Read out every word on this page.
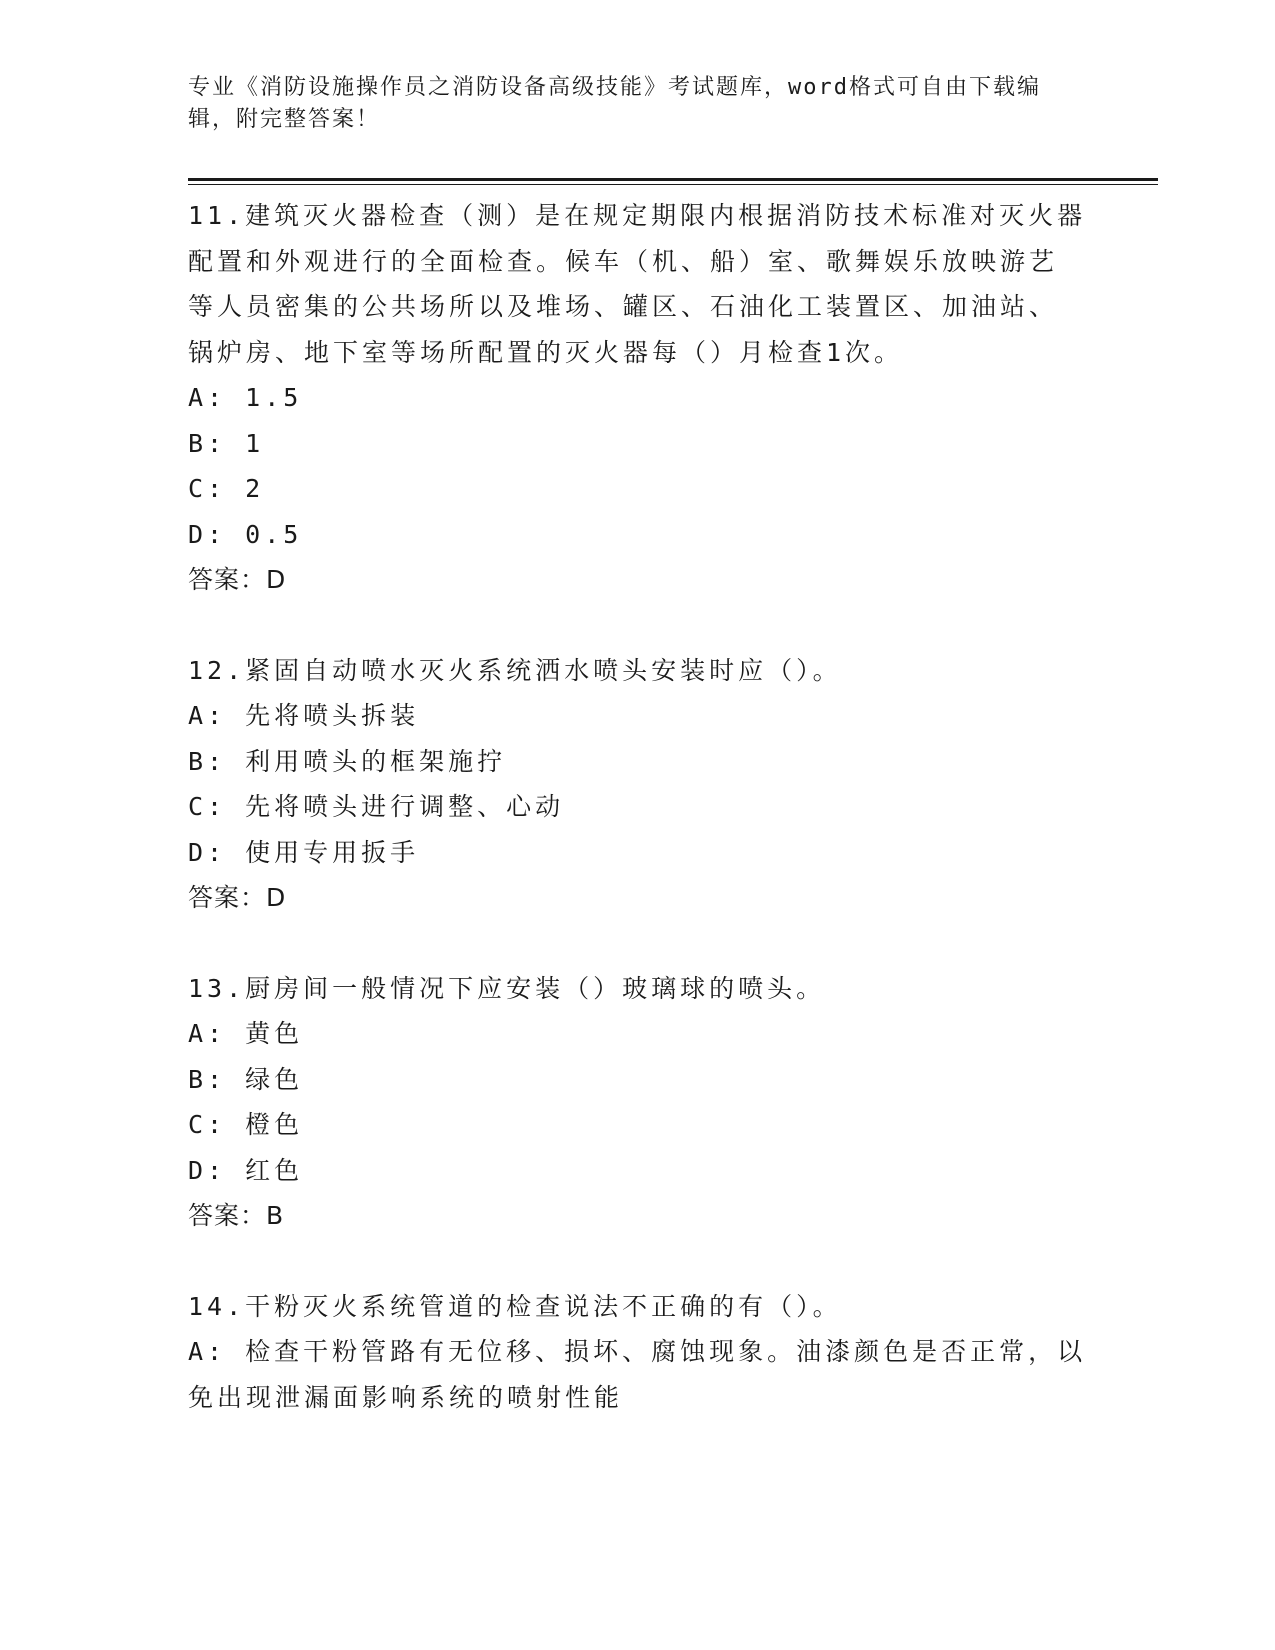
专业《消防设施操作员之消防设备高级技能》考试题库，word格式可自由下载编
辑，附完整答案！

11.建筑灭火器检查（测）是在规定期限内根据消防技术标准对灭火器

配置和外观进行的全面检查。候车（机、船）室、歌舞娱乐放映游艺

等人员密集的公共场所以及堆场、罐区、石油化工装置区、加油站、

锅炉房、地下室等场所配置的灭火器每（）月检查1次。

A: 1.5

B: 1

C: 2

D: 0.5

答案：D

12.紧固自动喷水灭火系统洒水喷头安装时应（）。

A: 先将喷头拆装

B: 利用喷头的框架施拧

C: 先将喷头进行调整、心动

D: 使用专用扳手

答案：D

13.厨房间一般情况下应安装（）玻璃球的喷头。

A: 黄色

B: 绿色

C: 橙色

D: 红色

答案：B

14.干粉灭火系统管道的检查说法不正确的有（）。

A: 检查干粉管路有无位移、损坏、腐蚀现象。油漆颜色是否正常，以

免出现泄漏面影响系统的喷射性能
